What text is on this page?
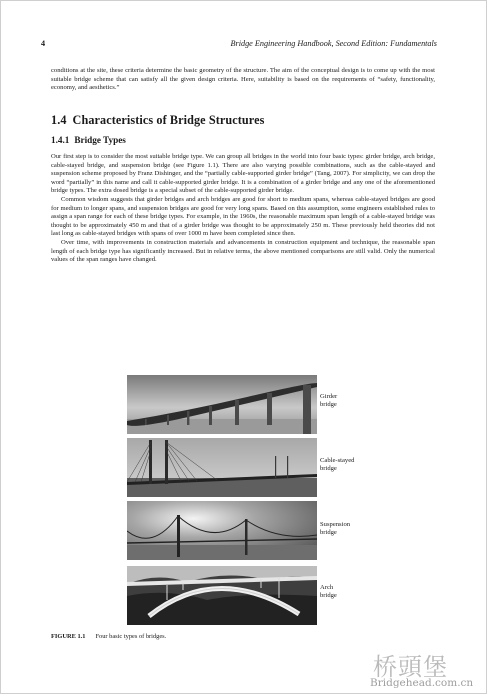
4	Bridge Engineering Handbook, Second Edition: Fundamentals

conditions at the site, these criteria determine the basic geometry of the structure. The aim of the conceptual design is to come up with the most suitable bridge scheme that can satisfy all the given design criteria. Here, suitability is based on the requirements of “safety, functionality, economy, and aesthetics.”

1.4 Characteristics of Bridge Structures
1.4.1 Bridge Types

Our first step is to consider the most suitable bridge type. We can group all bridges in the world into four basic types: girder bridge, arch bridge, cable-stayed bridge, and suspension bridge (see Figure 1.1). There are also varying possible combinations, such as the cable-stayed and suspension scheme proposed by Franz Dishinger, and the “partially cable-supported girder bridge” (Tang, 2007). For simplicity, we can drop the word “partially” in this name and call it cable-supported girder bridge. It is a combination of a girder bridge and any one of the aforementioned bridge types. The extra dosed bridge is a special subset of the cable-supported girder bridge.

Common wisdom suggests that girder bridges and arch bridges are good for short to medium spans, whereas cable-stayed bridges are good for medium to longer spans, and suspension bridges are good for very long spans. Based on this assumption, some engineers established rules to assign a span range for each of these bridge types. For example, in the 1960s, the reasonable maximum span length of a cable-stayed bridge was thought to be approximately 450 m and that of a girder bridge was thought to be approximately 250 m. These previously held theories did not last long as cable-stayed bridges with spans of over 1000 m have been completed since then.

Over time, with improvements in construction materials and advancements in construction equipment and technique, the reasonable span length of each bridge type has significantly increased. But in relative terms, the above mentioned comparisons are still valid. Only the numerical values of the span ranges have changed.

Girder
bridge
Cable-stayed
bridge
Suspension
bridge
Arch
bridge
FIGURE 1.1 Four basic types of bridges.
桥頭堡
Bridgehead.com.cn
